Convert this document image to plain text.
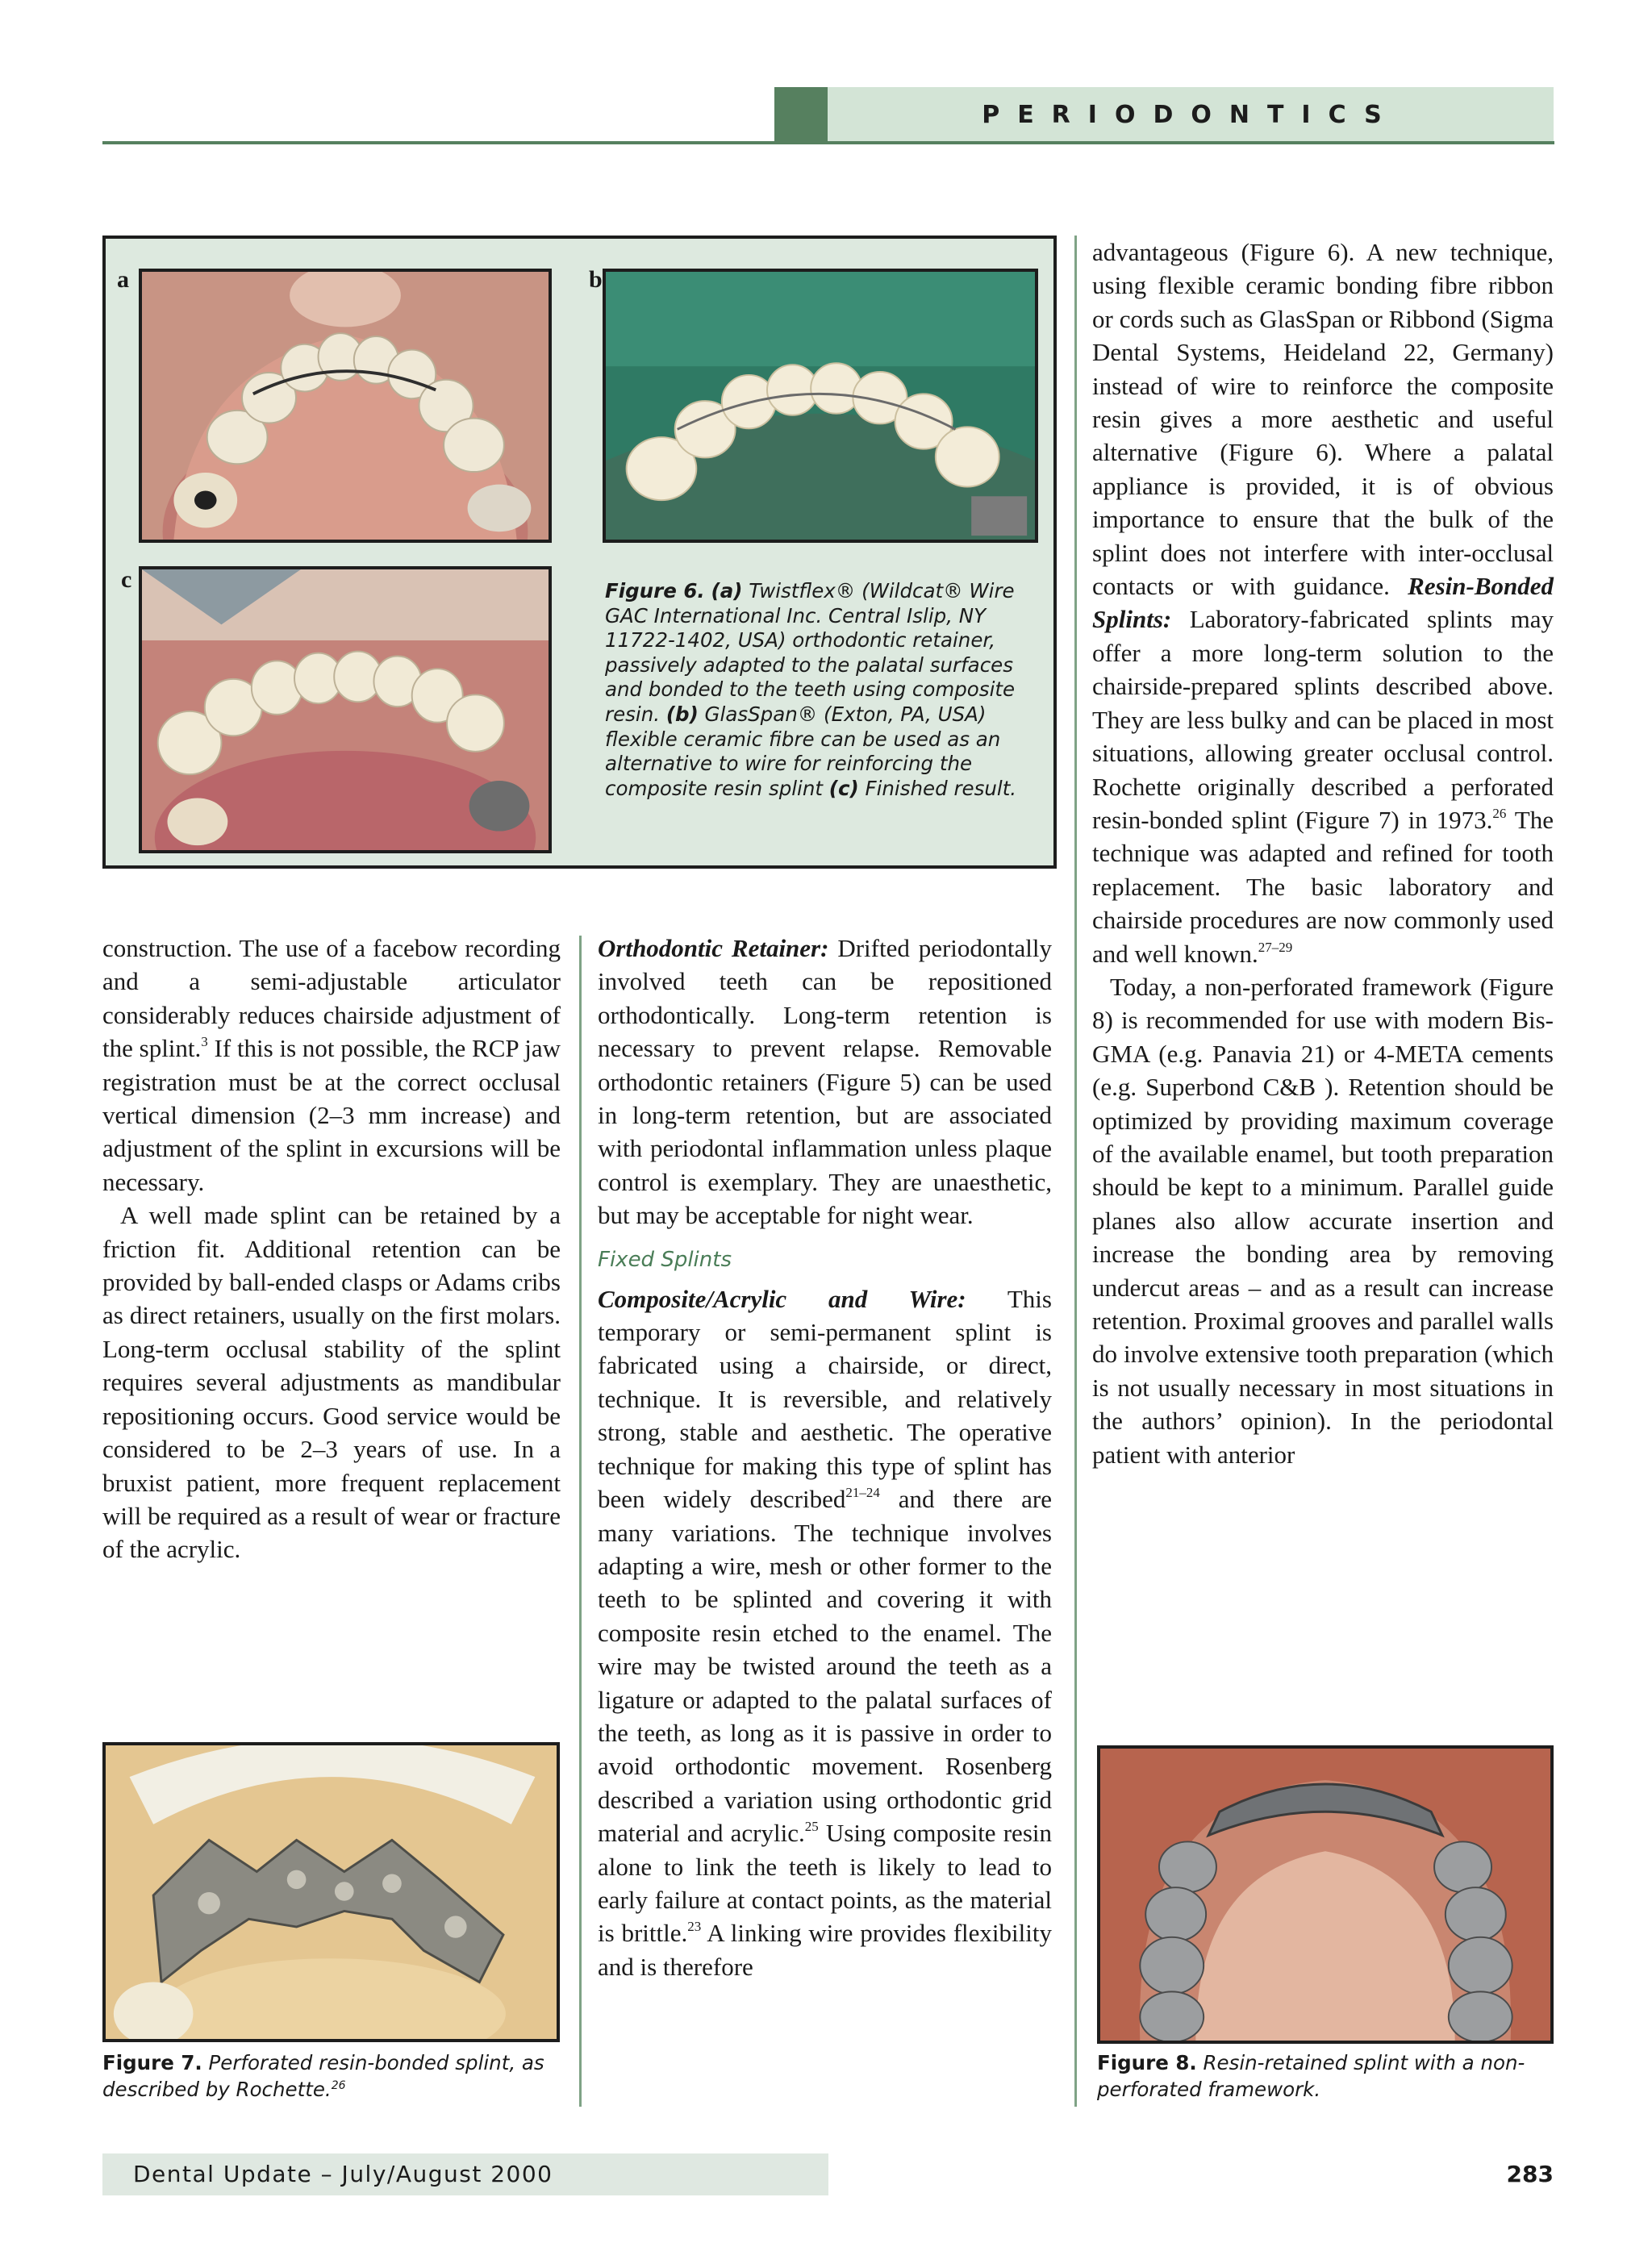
PERIODONTICS
a	b
c	Figure 6. (a) Twistflex® (Wildcat® Wire GAC International Inc. Central Islip, NY 11722-1402, USA) orthodontic retainer, passively adapted to the palatal surfaces and bonded to the teeth using composite resin. (b) GlasSpan® (Exton, PA, USA) flexible ceramic fibre can be used as an alternative to wire for reinforcing the composite resin splint (c) Finished result.

construction. The use of a facebow recording and a semi-adjustable articulator considerably reduces chairside adjustment of the splint.$^3$ If this is not possible, the RCP jaw registration must be at the correct occlusal vertical dimension (2–3 mm increase) and adjustment of the splint in excursions will be necessary.

A well made splint can be retained by a friction fit. Additional retention can be provided by ball-ended clasps or Adams cribs as direct retainers, usually on the first molars. Long-term occlusal stability of the splint requires several adjustments as mandibular repositioning occurs. Good service would be considered to be 2–3 years of use. In a bruxist patient, more frequent replacement will be required as a result of wear or fracture of the acrylic.

Figure 7. Perforated resin-bonded splint, as described by Rochette.$^{26}$

Orthodontic Retainer: Drifted periodontally involved teeth can be repositioned orthodontically. Long-term retention is necessary to prevent relapse. Removable orthodontic retainers (Figure 5) can be used in long-term retention, but are associated with periodontal inflammation unless plaque control is exemplary. They are unaesthetic, but may be acceptable for night wear.

Fixed Splints

Composite/Acrylic and Wire: This temporary or semi-permanent splint is fabricated using a chairside, or direct, technique. It is reversible, and relatively strong, stable and aesthetic. The operative technique for making this type of splint has been widely described$^{21-24}$ and there are many variations. The technique involves adapting a wire, mesh or other former to the teeth to be splinted and covering it with composite resin etched to the enamel. The wire may be twisted around the teeth as a ligature or adapted to the palatal surfaces of the teeth, as long as it is passive in order to avoid orthodontic movement. Rosenberg described a variation using orthodontic grid material and acrylic.$^{25}$ Using composite resin alone to link the teeth is likely to lead to early failure at contact points, as the material is brittle.$^{23}$ A linking wire provides flexibility and is therefore

advantageous (Figure 6). A new technique, using flexible ceramic bonding fibre ribbon or cords such as GlasSpan or Ribbond (Sigma Dental Systems, Heideland 22, Germany) instead of wire to reinforce the composite resin gives a more aesthetic and useful alternative (Figure 6). Where a palatal appliance is provided, it is of obvious importance to ensure that the bulk of the splint does not interfere with inter-occlusal contacts or with guidance. Resin-Bonded Splints: Laboratory-fabricated splints may offer a more long-term solution to the chairside-prepared splints described above. They are less bulky and can be placed in most situations, allowing greater occlusal control. Rochette originally described a perforated resin-bonded splint (Figure 7) in 1973.26 The technique was adapted and refined for tooth replacement. The basic laboratory and chairside procedures are now commonly used and well known.$^{27-29}$

Today, a non-perforated framework (Figure 8) is recommended for use with modern Bis-GMA (e.g. Panavia 21) or 4-META cements (e.g. Superbond C&B ). Retention should be optimized by providing maximum coverage of the available enamel, but tooth preparation should be kept to a minimum. Parallel guide planes also allow accurate insertion and increase the bonding area by removing undercut areas – and as a result can increase retention. Proximal grooves and parallel walls do involve extensive tooth preparation (which is not usually necessary in most situations in the authors’ opinion). In the periodontal patient with anterior

Figure 8. Resin-retained splint with a non-perforated framework.
Dental Update – July/August 2000	283
